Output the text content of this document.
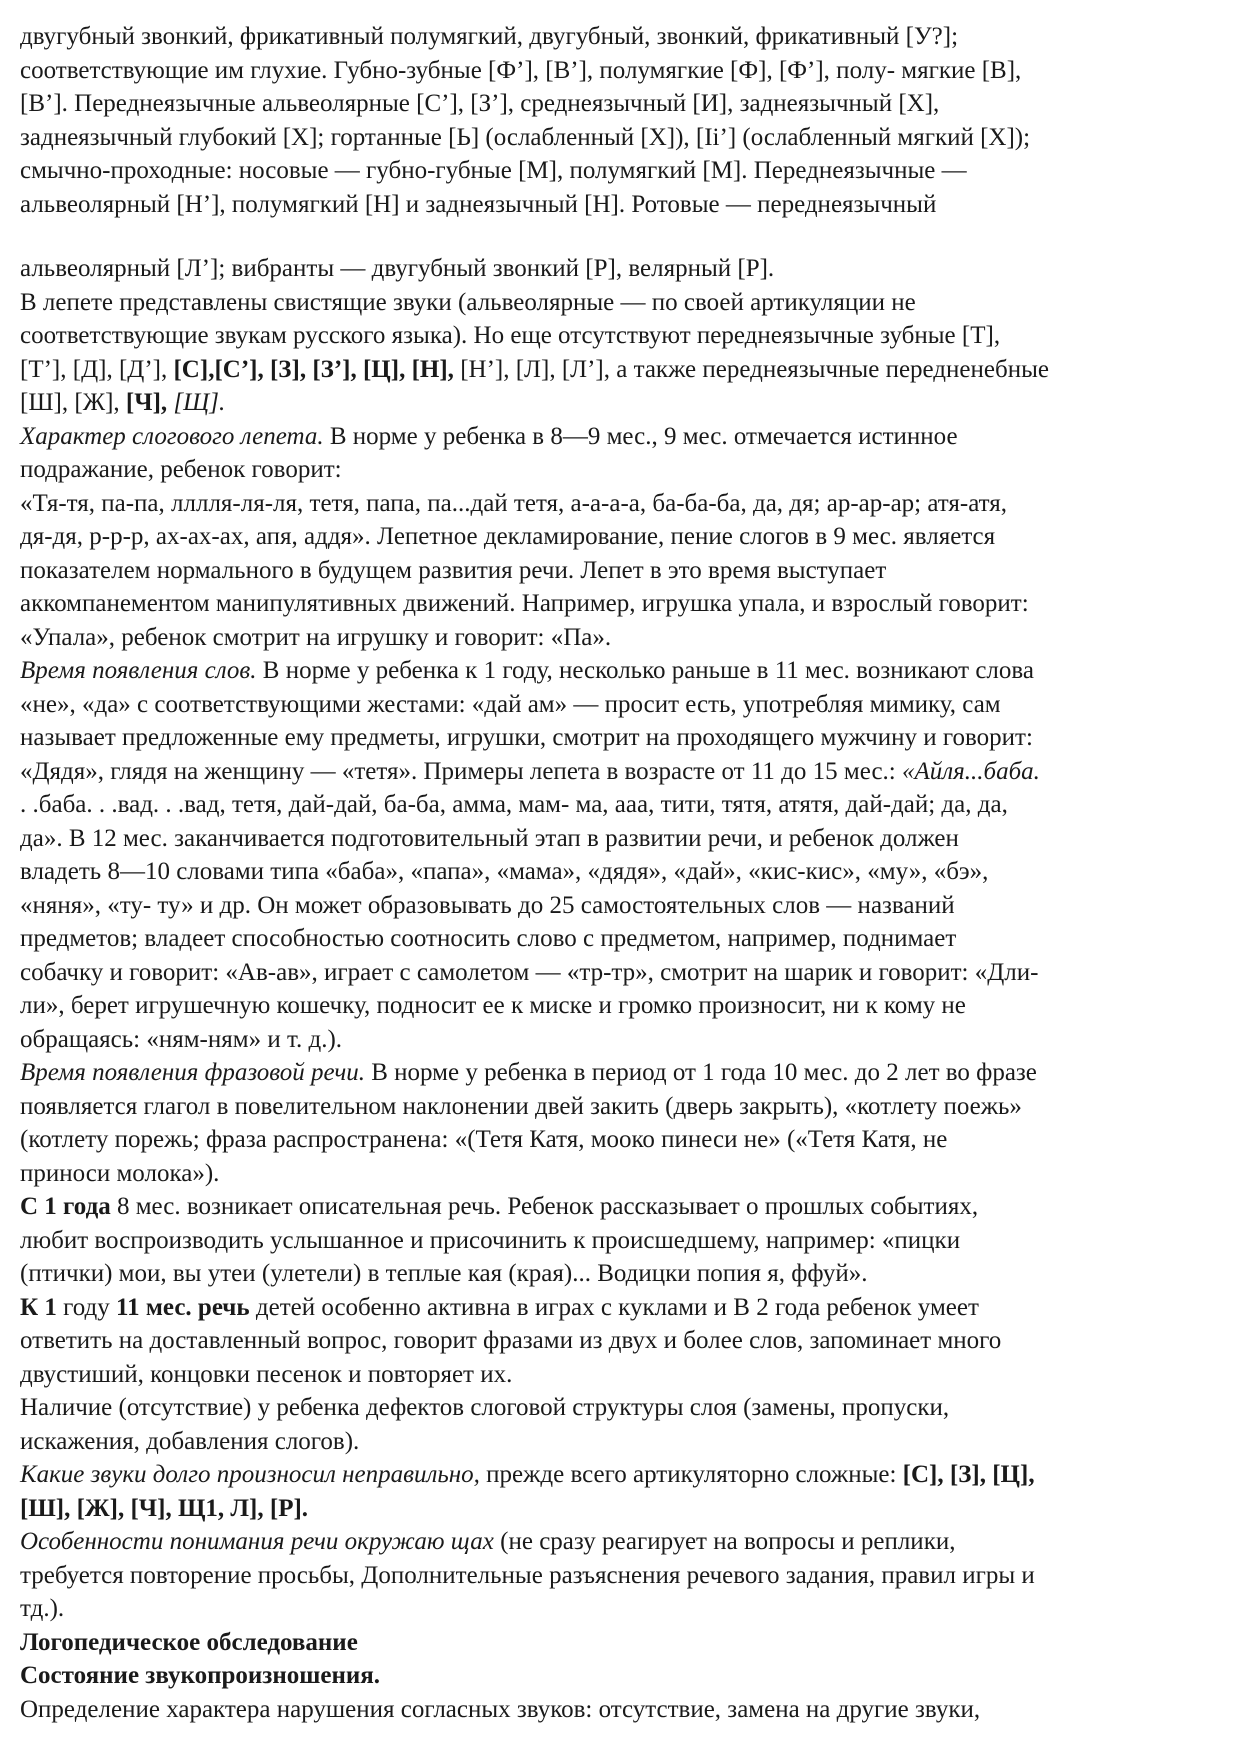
двугубный звонкий, фрикативный полумягкий, двугубный, звонкий, фрикативный [У?];

соответствующие им глухие. Губно-зубные [Ф’], [В’], полумягкие [Ф], [Ф’], полу- мягкие [В],

[В’]. Переднеязычные альвеолярные [С’], [З’], среднеязычный [И], заднеязычный [Х],

заднеязычный глубокий [Х]; гортанные [Ь] (ослабленный [Х]), [Ii’] (ослабленный мягкий [Х]);

смычно-проходные: носовые — губно-губные [М], полумягкий [М]. Переднеязычные —

альвеолярный [Н’], полумягкий [Н] и заднеязычный [Н]. Ротовые — переднеязычный

альвеолярный [Л’]; вибранты — двугубный звонкий [Р], велярный [Р].

В лепете представлены свистящие звуки (альвеолярные — по своей артикуляции не

соответствующие звукам русского языка). Но еще отсутствуют переднеязычные зубные [Т],

[Т’], [Д], [Д’], [С],[С’], [З], [З’], [Ц], [Н], [Н’], [Л], [Л’], а также переднеязычные передненебные

[Ш], [Ж], [Ч], [Щ].

Характер слогового лепета. В норме у ребенка в 8—9 мес., 9 мес. отмечается истинное

подражание, ребенок говорит:

«Тя-тя, па-па, лллля-ля-ля, тетя, папа, па...дай тетя, а-а-а-а, ба-ба-ба, да, дя; ар-ар-ар; атя-атя,

дя-дя, р-р-р, ах-ах-ах, апя, аддя». Лепетное декламирование, пение слогов в 9 мес. является

показателем нормального в будущем развития речи. Лепет в это время выступает

аккомпанементом манипулятивных движений. Например, игрушка упала, и взрослый говорит:

«Упала», ребенок смотрит на игрушку и говорит: «Па».

Время появления слов. В норме у ребенка к 1 году, несколько раньше в 11 мес. возникают слова

«не», «да» с соответствующими жестами: «дай ам» — просит есть, употребляя мимику, сам

называет предложенные ему предметы, игрушки, смотрит на проходящего мужчину и говорит:

«Дядя», глядя на женщину — «тетя». Примеры лепета в возрасте от 11 до 15 мес.: «Айля...баба.

. .баба. . .вад. . .вад, тетя, дай-дай, ба-ба, амма, мам- ма, ааа, тити, тятя, атятя, дай-дай; да, да,

да». В 12 мес. заканчивается подготовительный этап в развитии речи, и ребенок должен

владеть 8—10 словами типа «баба», «папа», «мама», «дядя», «дай», «кис-кис», «му», «бэ»,

«няня», «ту- ту» и др. Он может образовывать до 25 самостоятельных слов — названий

предметов; владеет способностью соотносить слово с предметом, например, поднимает

собачку и говорит: «Ав-ав», играет с самолетом — «тр-тр», смотрит на шарик и говорит: «Дли-

ли», берет игрушечную кошечку, подносит ее к миске и громко произносит, ни к кому не

обращаясь: «ням-ням» и т. д.).

Время появления фразовой речи. В норме у ребенка в период от 1 года 10 мес. до 2 лет во фразе

появляется глагол в повелительном наклонении двей закить (дверь закрыть), «котлету поежь»

(котлету порежь; фраза распространена: «(Тетя Катя, моoко пинеси не» («Тетя Катя, не

приноси молока»).

С 1 года 8 мес. возникает описательная речь. Ребенок рассказывает о прошлых событиях,

любит воспроизводить услышанное и присочинить к происшедшему, например: «пицки

(птички) мои, вы утеи (улетели) в теплые кая (края)... Водицки попия я, ффуй».

К 1 году 11 мес. речь детей особенно активна в играх с куклами и В 2 года ребенок умеет

ответить на доставленный вопрос, говорит фразами из двух и более слов, запоминает много

двустиший, концовки песенок и повторяет их.

Наличие (отсутствие) у ребенка дефектов слоговой структуры слоя (замены, пропуски,

искажения, добавления слогов).

Какие звуки долго произносил неправильно, прежде всего артикуляторно сложные: [С], [З], [Ц],

[Ш], [Ж], [Ч], Щ1, Л], [Р].

Особенности понимания речи окружаю щах (не сразу реагирует на вопросы и реплики,

требуется повторение просьбы, Дополнительные разъяснения речевого задания, правил игры и

тд.).

Логопедическое обследование

Состояние звукопроизношения.

Определение характера нарушения согласных звуков: отсутствие, замена на другие звуки,
